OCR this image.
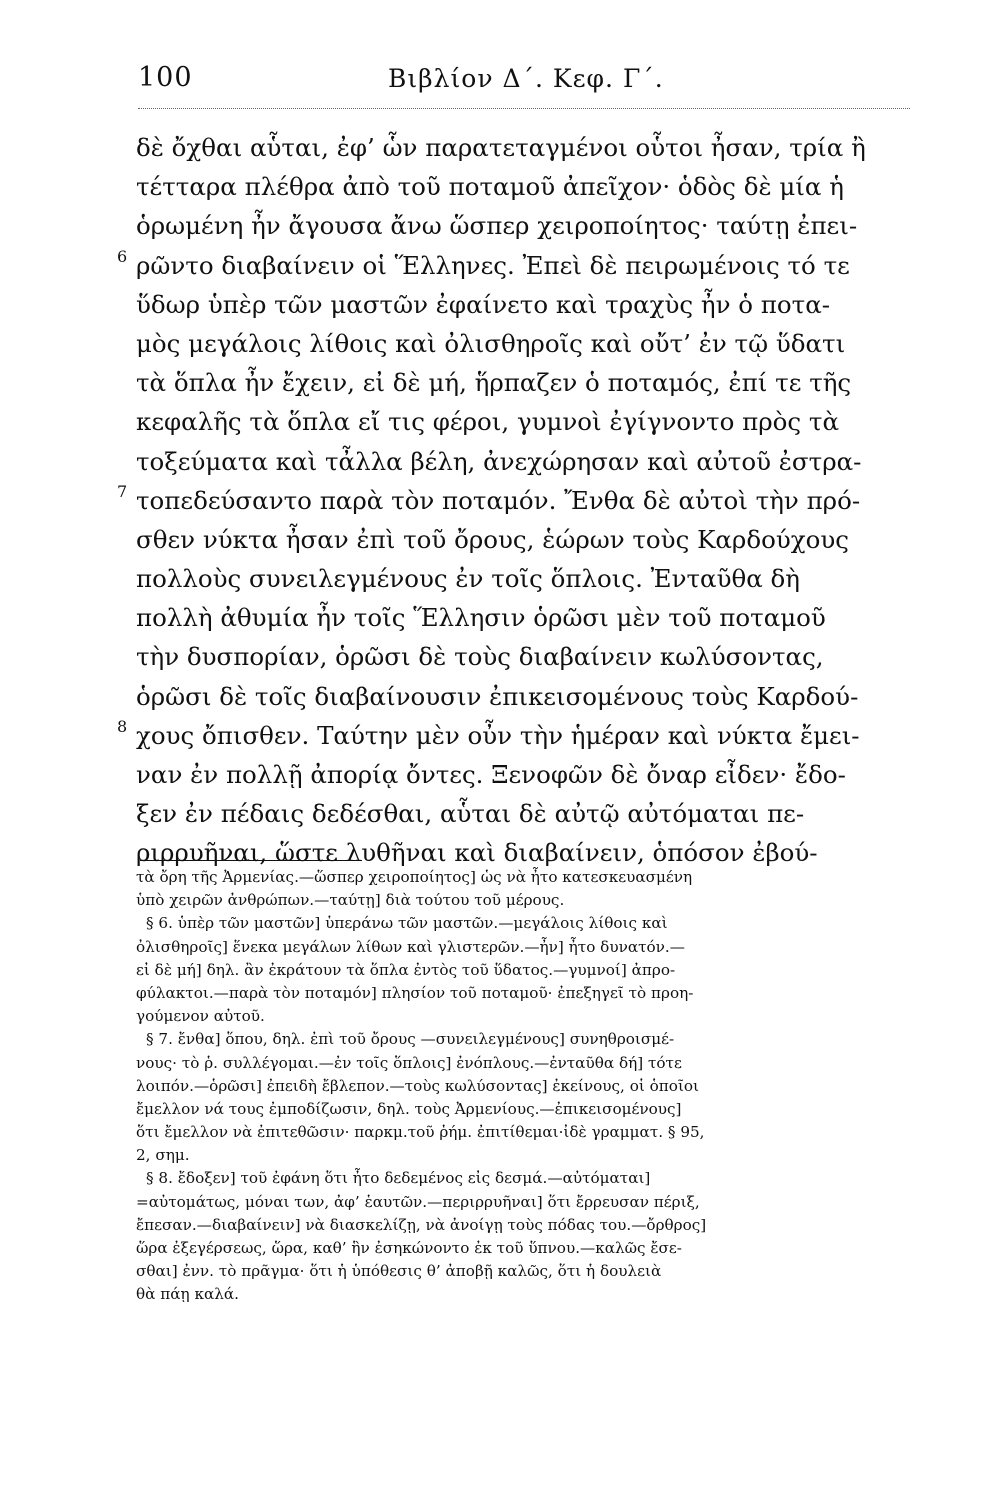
100	Βιβλίον Δ΄. Κεφ. Γ΄.
δὲ ὄχθαι αὗται, ἐφ’ ὧν παρατεταγμένοι οὗτοι ἦσαν, τρία ἢ
τέτταρα πλέθρα ἀπὸ τοῦ ποταμοῦ ἀπεῖχον· ὁδὸς δὲ μία ἡ
ὁρωμένη ἦν ἄγουσα ἄνω ὥσπερ χειροποίητος· ταύτῃ ἐπει-
6 ρῶντο διαβαίνειν οἱ Ἕλληνες. Ἐπεὶ δὲ πειρωμένοις τό τε
ὕδωρ ὑπὲρ τῶν μαστῶν ἐφαίνετο καὶ τραχὺς ἦν ὁ ποτα-
μὸς μεγάλοις λίθοις καὶ ὀλισθηροῖς καὶ οὔτ’ ἐν τῷ ὕδατι
τὰ ὅπλα ἦν ἔχειν, εἰ δὲ μή, ἥρπαζεν ὁ ποταμός, ἐπί τε τῆς
κεφαλῆς τὰ ὅπλα εἴ τις φέροι, γυμνοὶ ἐγίγνοντο πρὸς τὰ
τοξεύματα καὶ τἆλλα βέλη, ἀνεχώρησαν καὶ αὐτοῦ ἐστρα-
7 τοπεδεύσαντο παρὰ τὸν ποταμόν. Ἔνθα δὲ αὐτοὶ τὴν πρό-
σθεν νύκτα ἦσαν ἐπὶ τοῦ ὄρους, ἑώρων τοὺς Καρδούχους
πολλοὺς συνειλεγμένους ἐν τοῖς ὅπλοις. Ἐνταῦθα δὴ
πολλὴ ἀθυμία ἦν τοῖς Ἕλλησιν ὁρῶσι μὲν τοῦ ποταμοῦ
τὴν δυσπορίαν, ὁρῶσι δὲ τοὺς διαβαίνειν κωλύσοντας,
ὁρῶσι δὲ τοῖς διαβαίνουσιν ἐπικεισομένους τοὺς Καρδού-
8 χους ὄπισθεν. Ταύτην μὲν οὖν τὴν ἡμέραν καὶ νύκτα ἔμει-
ναν ἐν πολλῇ ἀπορίᾳ ὄντες. Ξενοφῶν δὲ ὄναρ εἶδεν· ἔδο-
ξεν ἐν πέδαις δεδέσθαι, αὗται δὲ αὐτῷ αὐτόμαται πε-
ριρρυῆναι, ὥστε λυθῆναι καὶ διαβαίνειν, ὁπόσον ἐβού-
τὰ ὄρη τῆς Ἀρμενίας.—ὥσπερ χειροποίητος] ὡς νὰ ἦτο κατεσκευασμένη
ὑπὸ χειρῶν ἀνθρώπων.—ταύτῃ] διὰ τούτου τοῦ μέρους.
§ 6. ὑπὲρ τῶν μαστῶν] ὑπεράνω τῶν μαστῶν.—μεγάλοις λίθοις καὶ
ὀλισθηροῖς] ἕνεκα μεγάλων λίθων καὶ γλιστερῶν.—ἦν] ἦτο δυνατόν.—
εἰ δὲ μή] δηλ. ἂν ἐκράτουν τὰ ὅπλα ἐντὸς τοῦ ὕδατος.—γυμνοί] ἀπρο-
φύλακτοι.—παρὰ τὸν ποταμόν] πλησίον τοῦ ποταμοῦ· ἐπεξηγεῖ τὸ προη-
γούμενον αὐτοῦ.
§ 7. ἔνθα] ὅπου, δηλ. ἐπὶ τοῦ ὄρους —συνειλεγμένους] συνηθροισμέ-
νους· τὸ ῥ. συλλέγομαι.—ἐν τοῖς ὅπλοις] ἐνόπλους.—ἐνταῦθα δή] τότε
λοιπόν.—ὁρῶσι] ἐπειδὴ ἔβλεπον.—τοὺς κωλύσοντας] ἐκείνους, οἱ ὁποῖοι
ἔμελλον νά τους ἐμποδίζωσιν, δηλ. τοὺς Ἀρμενίους.—ἐπικεισομένους]
ὅτι ἔμελλον νὰ ἐπιτεθῶσιν· παρκμ.τοῦ ῥήμ. ἐπιτίθεμαι·ἰδὲ γραμματ. § 95,
2, σημ.
§ 8. ἔδοξεν] τοῦ ἐφάνη ὅτι ἦτο δεδεμένος εἰς δεσμά.—αὐτόμαται]
=αὐτομάτως, μόναι των, ἀφ’ ἑαυτῶν.—περιρρυῆναι] ὅτι ἔρρευσαν πέριξ,
ἔπεσαν.—διαβαίνειν] νὰ διασκελίζῃ, νὰ ἀνοίγῃ τοὺς πόδας του.—ὄρθρος]
ὥρα ἐξεγέρσεως, ὥρα, καθ’ ἣν ἐσηκώνοντο ἐκ τοῦ ὕπνου.—καλῶς ἔσε-
σθαι] ἐνν. τὸ πρᾶγμα· ὅτι ἡ ὑπόθεσις θ’ ἀποβῇ καλῶς, ὅτι ἡ δουλειὰ
θὰ πάῃ καλά.
